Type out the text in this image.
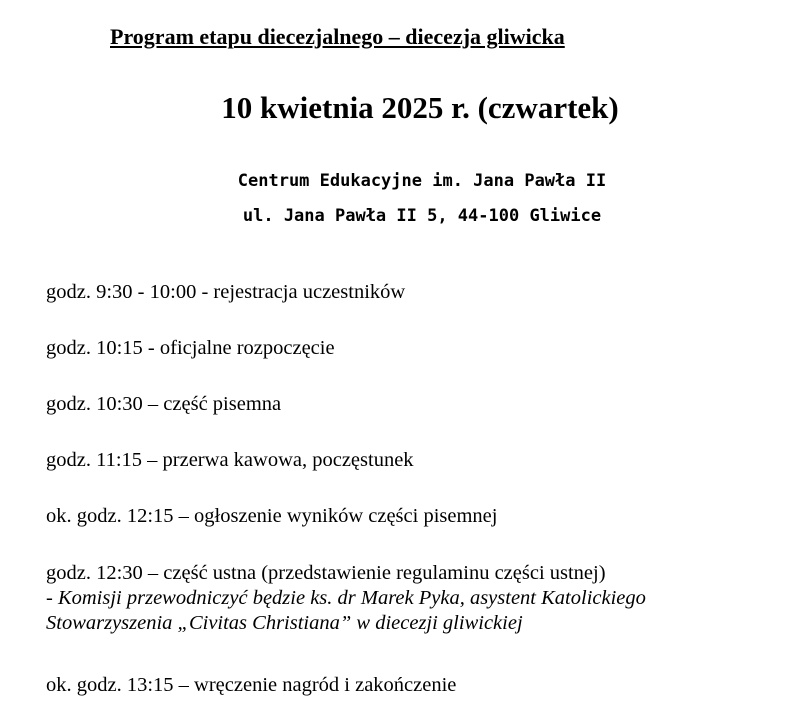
Program etapu diecezjalnego – diecezja gliwicka
10 kwietnia 2025 r. (czwartek)
Centrum Edukacyjne im. Jana Pawła II
ul. Jana Pawła II 5, 44-100 Gliwice
godz. 9:30 - 10:00 - rejestracja uczestników
godz. 10:15 - oficjalne rozpoczęcie
godz. 10:30 – część pisemna
godz. 11:15 – przerwa kawowa, poczęstunek
ok. godz. 12:15 – ogłoszenie wyników części pisemnej
godz. 12:30 – część ustna (przedstawienie regulaminu części ustnej)
- Komisji przewodniczyć będzie ks. dr Marek Pyka, asystent Katolickiego
Stowarzyszenia „Civitas Christiana” w diecezji gliwickiej
ok. godz. 13:15 – wręczenie nagród i zakończenie
